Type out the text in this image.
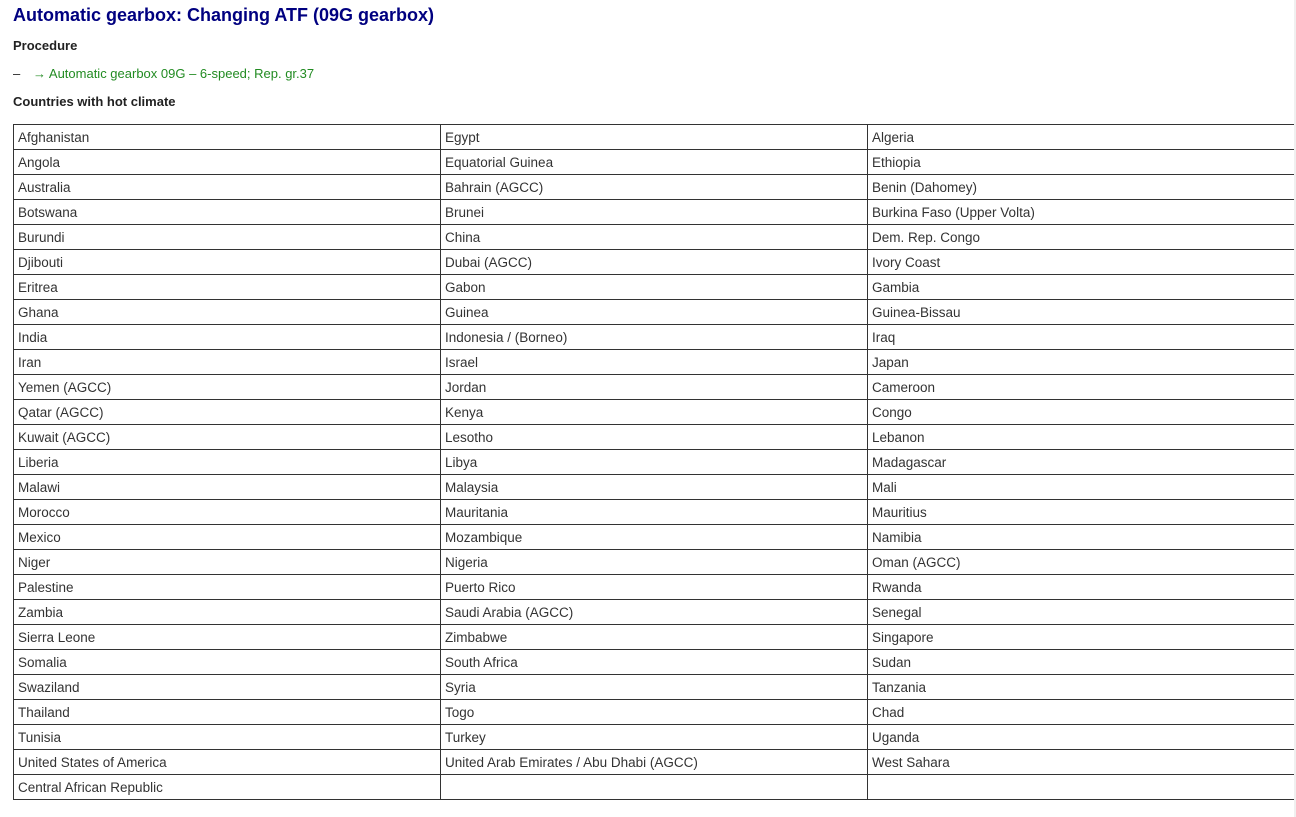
Automatic gearbox: Changing ATF (09G gearbox)
Procedure
– → Automatic gearbox 09G – 6-speed; Rep. gr.37
Countries with hot climate
Afghanistan	Egypt	Algeria
Angola	Equatorial Guinea	Ethiopia
Australia	Bahrain (AGCC)	Benin (Dahomey)
Botswana	Brunei	Burkina Faso (Upper Volta)
Burundi	China	Dem. Rep. Congo
Djibouti	Dubai (AGCC)	Ivory Coast
Eritrea	Gabon	Gambia
Ghana	Guinea	Guinea-Bissau
India	Indonesia / (Borneo)	Iraq
Iran	Israel	Japan
Yemen (AGCC)	Jordan	Cameroon
Qatar (AGCC)	Kenya	Congo
Kuwait (AGCC)	Lesotho	Lebanon
Liberia	Libya	Madagascar
Malawi	Malaysia	Mali
Morocco	Mauritania	Mauritius
Mexico	Mozambique	Namibia
Niger	Nigeria	Oman (AGCC)
Palestine	Puerto Rico	Rwanda
Zambia	Saudi Arabia (AGCC)	Senegal
Sierra Leone	Zimbabwe	Singapore
Somalia	South Africa	Sudan
Swaziland	Syria	Tanzania
Thailand	Togo	Chad
Tunisia	Turkey	Uganda
United States of America	United Arab Emirates / Abu Dhabi (AGCC)	West Sahara
Central African Republic		
